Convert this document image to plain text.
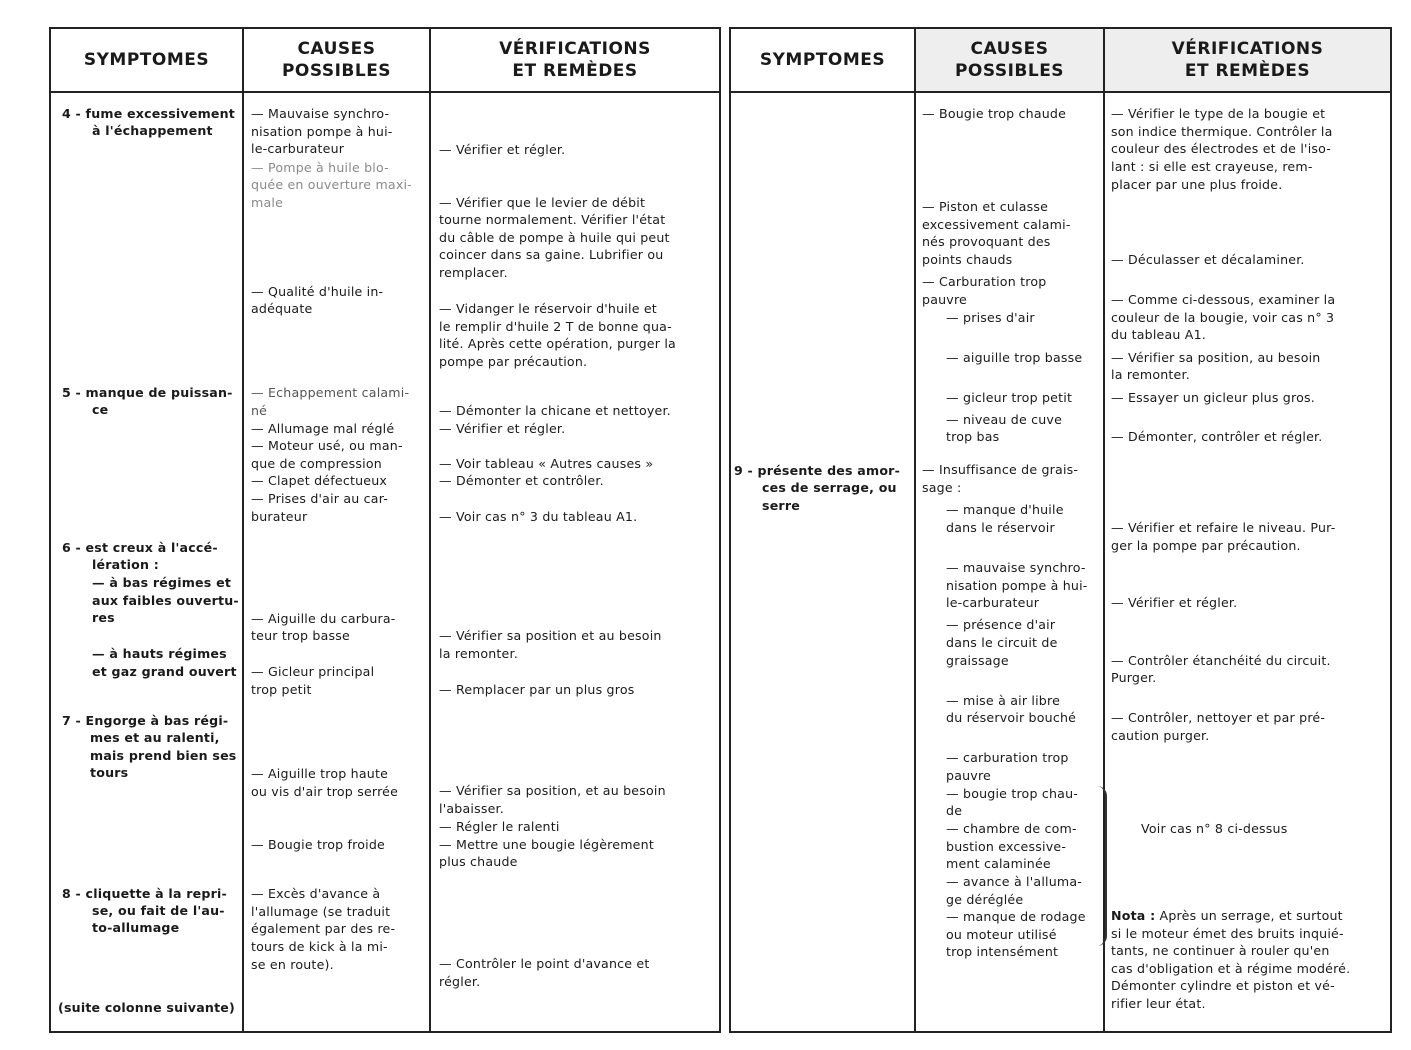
SYMPTOMES
CAUSES
POSSIBLES
VÉRIFICATIONS
ET REMÈDES
4 - fume excessivement
à l'échappement
5 - manque de puissan-
ce
6 - est creux à l'accé-
lération :
— à bas régimes et
aux faibles ouvertu-
res
— à hauts régimes
et gaz grand ouvert
7 - Engorge à bas régi-
mes et au ralenti,
mais prend bien ses
tours
8 - cliquette à la repri-
se, ou fait de l'au-
to-allumage
(suite colonne suivante)
— Mauvaise synchro-
nisation pompe à hui-
le-carburateur
— Pompe à huile blo-
quée en ouverture maxi-
male
— Qualité d'huile in-
adéquate
— Echappement calami-
né
— Allumage mal réglé
— Moteur usé, ou man-
que de compression
— Clapet défectueux
— Prises d'air au car-
burateur
— Aiguille du carbura-
teur trop basse
— Gicleur principal
trop petit
— Aiguille trop haute
ou vis d'air trop serrée
— Bougie trop froide
— Excès d'avance à
l'allumage (se traduit
également par des re-
tours de kick à la mi-
se en route).
— Vérifier et régler.
— Vérifier que le levier de débit
tourne normalement. Vérifier l'état
du câble de pompe à huile qui peut
coincer dans sa gaine. Lubrifier ou
remplacer.
— Vidanger le réservoir d'huile et
le remplir d'huile 2 T de bonne qua-
lité. Après cette opération, purger la
pompe par précaution.
— Démonter la chicane et nettoyer.
— Vérifier et régler.
— Voir tableau « Autres causes »
— Démonter et contrôler.
— Voir cas n° 3 du tableau A1.
— Vérifier sa position et au besoin
la remonter.
— Remplacer par un plus gros
— Vérifier sa position, et au besoin
l'abaisser.
— Régler le ralenti
— Mettre une bougie légèrement
plus chaude
— Contrôler le point d'avance et
régler.
SYMPTOMES
CAUSES
POSSIBLES
VÉRIFICATIONS
ET REMÈDES
9 - présente des amor-
ces de serrage, ou
serre
— Bougie trop chaude
— Piston et culasse
excessivement calami-
nés provoquant des
points chauds
— Carburation trop
pauvre
— prises d'air
— aiguille trop basse
— gicleur trop petit
— niveau de cuve
trop bas
— Insuffisance de grais-
sage :
— manque d'huile
dans le réservoir
— mauvaise synchro-
nisation pompe à hui-
le-carburateur
— présence d'air
dans le circuit de
graissage
— mise à air libre
du réservoir bouché
— carburation trop
pauvre
— bougie trop chau-
de
— chambre de com-
bustion excessive-
ment calaminée
— avance à l'alluma-
ge déréglée
— manque de rodage
ou moteur utilisé
trop intensément
— Vérifier le type de la bougie et
son indice thermique. Contrôler la
couleur des électrodes et de l'iso-
lant : si elle est crayeuse, rem-
placer par une plus froide.
— Déculasser et décalaminer.
— Comme ci-dessous, examiner la
couleur de la bougie, voir cas n° 3
du tableau A1.
— Vérifier sa position, au besoin
la remonter.
— Essayer un gicleur plus gros.
— Démonter, contrôler et régler.
— Vérifier et refaire le niveau. Pur-
ger la pompe par précaution.
— Vérifier et régler.
— Contrôler étanchéité du circuit.
Purger.
— Contrôler, nettoyer et par pré-
caution purger.
Voir cas n° 8 ci-dessus
Nota : Après un serrage, et surtout
si le moteur émet des bruits inquié-
tants, ne continuer à rouler qu'en
cas d'obligation et à régime modéré.
Démonter cylindre et piston et vé-
rifier leur état.
